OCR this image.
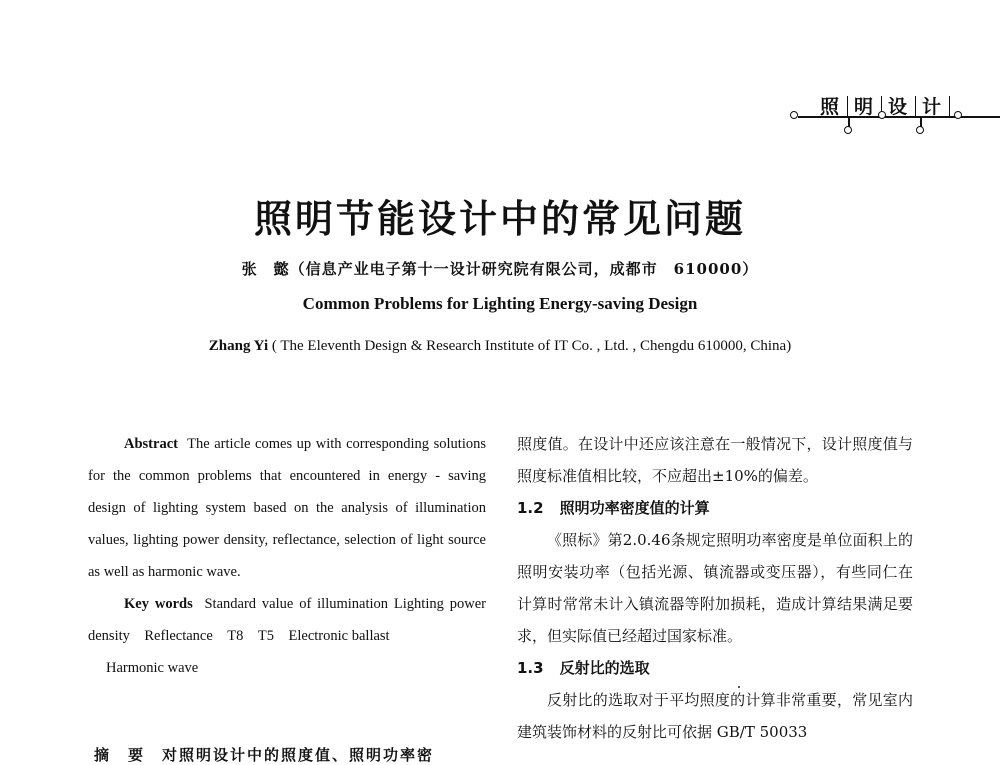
照 明 设 计
照明节能设计中的常见问题
张　懿（信息产业电子第十一设计研究院有限公司，成都市　610000）
Common Problems for Lighting Energy-saving Design
Zhang Yi ( The Eleventh Design & Research Institute of IT Co. , Ltd. , Chengdu 610000, China)

Abstract The article comes up with corresponding solutions for the common problems that encountered in energy - saving design of lighting system based on the analysis of illumination values, lighting power density, reflectance, selection of light source as well as harmonic wave.

Key words Standard value of illumination Lighting power density　Reflectance　T8　T5　Electronic ballast

Harmonic wave

摘　要　对照明设计中的照度值、照明功率密

照度值。在设计中还应该注意在一般情况下，设计照度值与照度标准值相比较，不应超出±10%的偏差。

1.2 照明功率密度值的计算

《照标》第2.0.46条规定照明功率密度是单位面积上的照明安装功率（包括光源、镇流器或变压器），有些同仁在计算时常常未计入镇流器等附加损耗，造成计算结果满足要求，但实际值已经超过国家标准。

1.3 反射比的选取

反射比的选取对于平均照度的计算非常重要，常见室内建筑装饰材料的反射比可依据 GB/T 50033
